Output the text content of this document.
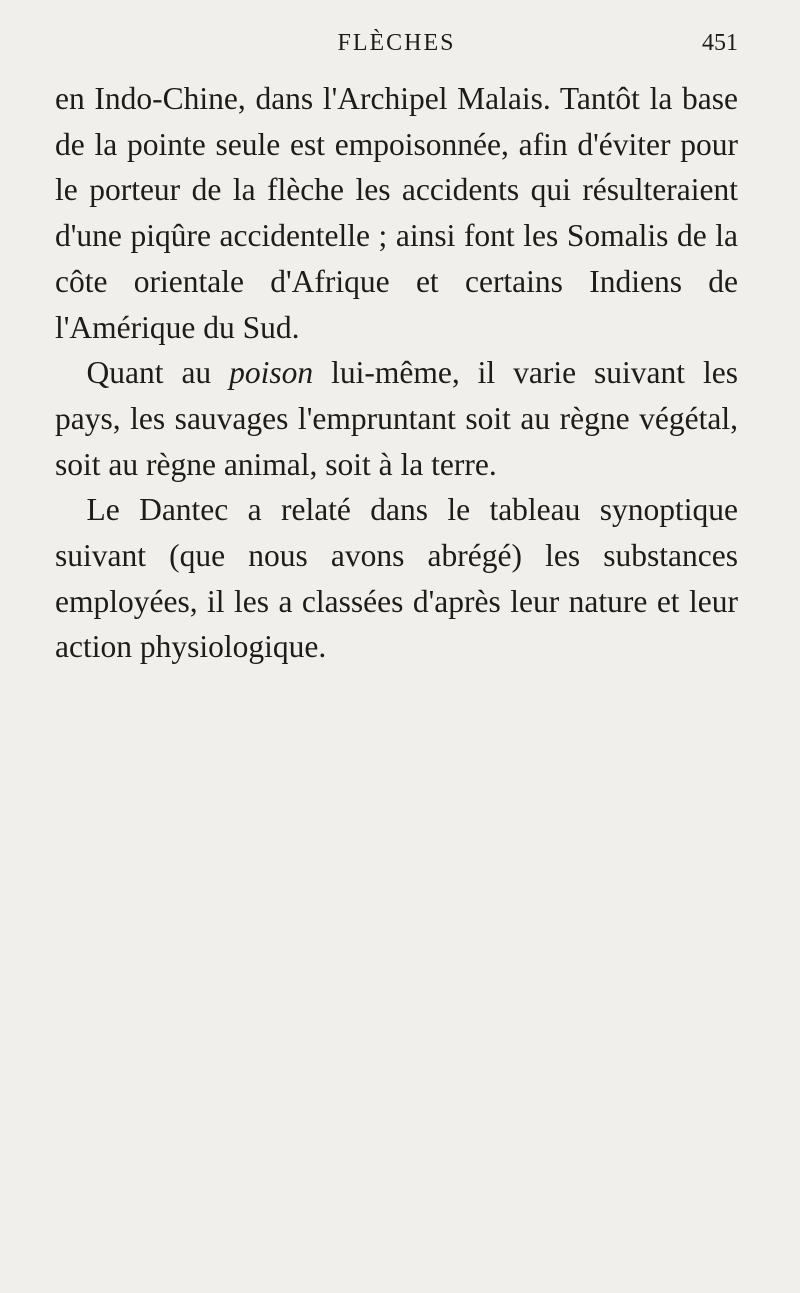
FLÈCHES	451

en Indo-Chine, dans l'Archipel Malais. Tantôt la base de la pointe seule est empoisonnée, afin d'éviter pour le porteur de la flèche les accidents qui résulteraient d'une piqûre accidentelle ; ainsi font les Somalis de la côte orientale d'Afrique et certains Indiens de l'Amérique du Sud.

Quant au poison lui-même, il varie suivant les pays, les sauvages l'empruntant soit au règne végétal, soit au règne animal, soit à la terre.

Le Dantec a relaté dans le tableau synoptique suivant (que nous avons abrégé) les substances employées, il les a classées d'après leur nature et leur action physiologique.
